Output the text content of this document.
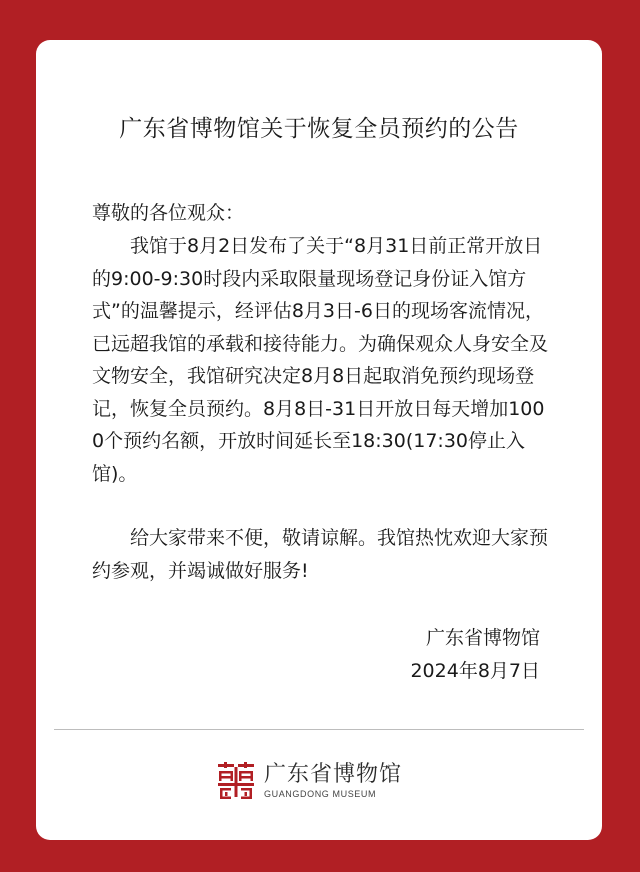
广东省博物馆关于恢复全员预约的公告

尊敬的各位观众：

我馆于8月2日发布了关于“8月31日前正常开放日的9:00-9:30时段内采取限量现场登记身份证入馆方式”的温馨提示，经评估8月3日-6日的现场客流情况，已远超我馆的承载和接待能力。为确保观众人身安全及文物安全，我馆研究决定8月8日起取消免预约现场登记，恢复全员预约。8月8日-31日开放日每天增加1000个预约名额，开放时间延长至18:30(17:30停止入馆)。

给大家带来不便，敬请谅解。我馆热忱欢迎大家预约参观，并竭诚做好服务!

广东省博物馆
2024年8月7日
广东省博物馆
GUANGDONG MUSEUM
